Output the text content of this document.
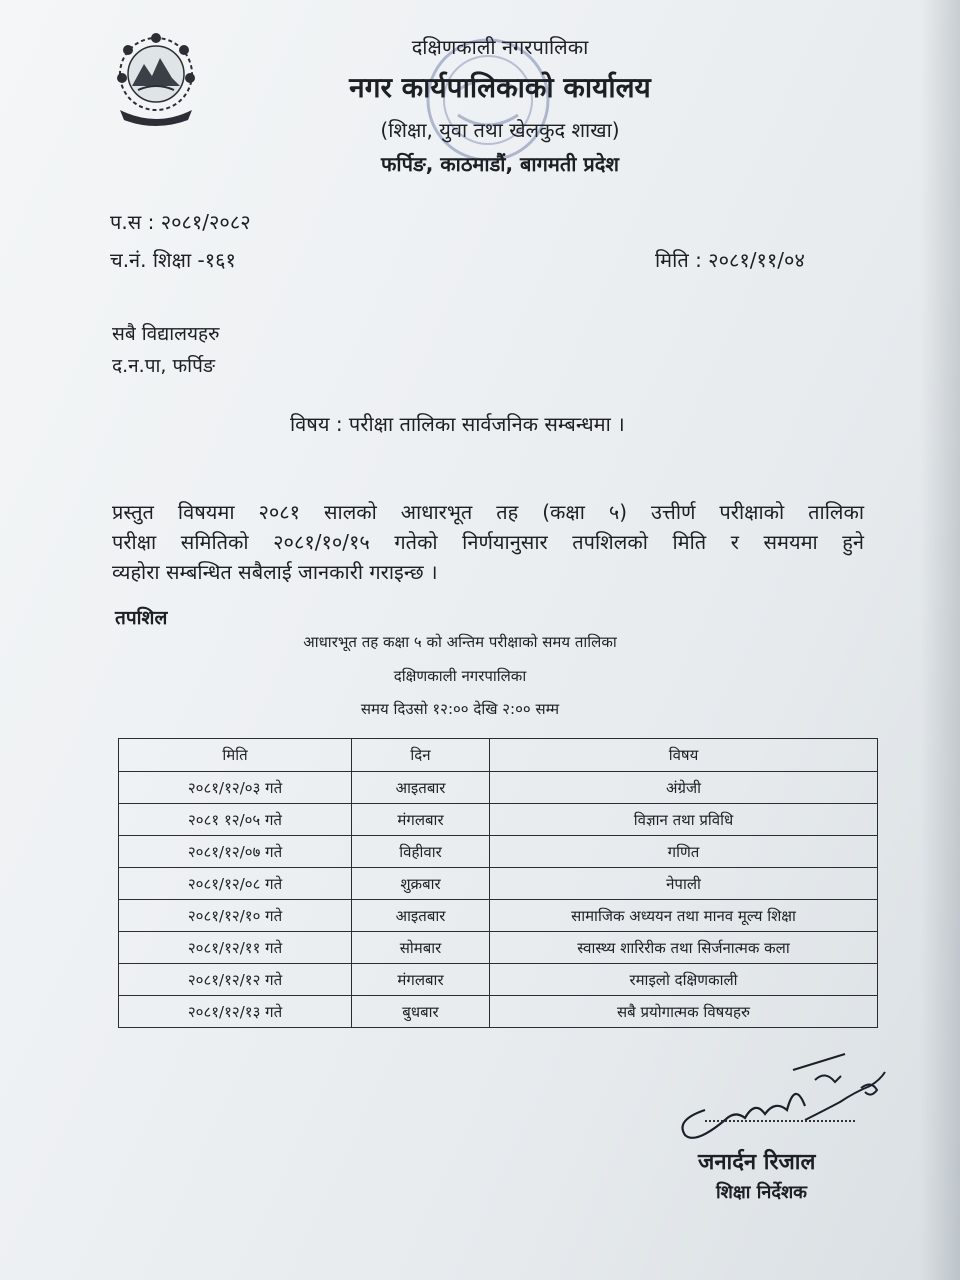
दक्षिणकाली नगरपालिका
नगर कार्यपालिकाको कार्यालय
(शिक्षा, युवा तथा खेलकुद शाखा)
फर्पिङ, काठमाडौं, बागमती प्रदेश
प.स : २०८१/२०८२
च.नं. शिक्षा -१६१	मिति : २०८१/११/०४
सबै विद्यालयहरु
द.न.पा, फर्पिङ
विषय : परीक्षा तालिका सार्वजनिक सम्बन्धमा ।
प्रस्तुत विषयमा २०८१ सालको आधारभूत तह (कक्षा ५) उत्तीर्ण परीक्षाको तालिका
परीक्षा समितिको २०८१/१०/१५ गतेको निर्णयानुसार तपशिलको मिति र समयमा हुने
व्यहोरा सम्बन्धित सबैलाई जानकारी गराइन्छ ।
तपशिल
आधारभूत तह कक्षा ५ को अन्तिम परीक्षाको समय तालिका
दक्षिणकाली नगरपालिका
समय दिउसो १२:०० देखि २:०० सम्म
मिति	दिन	विषय
२०८१/१२/०३ गते	आइतबार	अंग्रेजी
२०८१ १२/०५ गते	मंगलबार	विज्ञान तथा प्रविधि
२०८१/१२/०७ गते	विहीवार	गणित
२०८१/१२/०८ गते	शुक्रबार	नेपाली
२०८१/१२/१० गते	आइतबार	सामाजिक अध्ययन तथा मानव मूल्य शिक्षा
२०८१/१२/११ गते	सोमबार	स्वास्थ्य शारिरीक तथा सिर्जनात्मक कला
२०८१/१२/१२ गते	मंगलबार	रमाइलो दक्षिणकाली
२०८१/१२/१३ गते	बुधबार	सबै प्रयोगात्मक विषयहरु
जनार्दन रिजाल
शिक्षा निर्देशक
